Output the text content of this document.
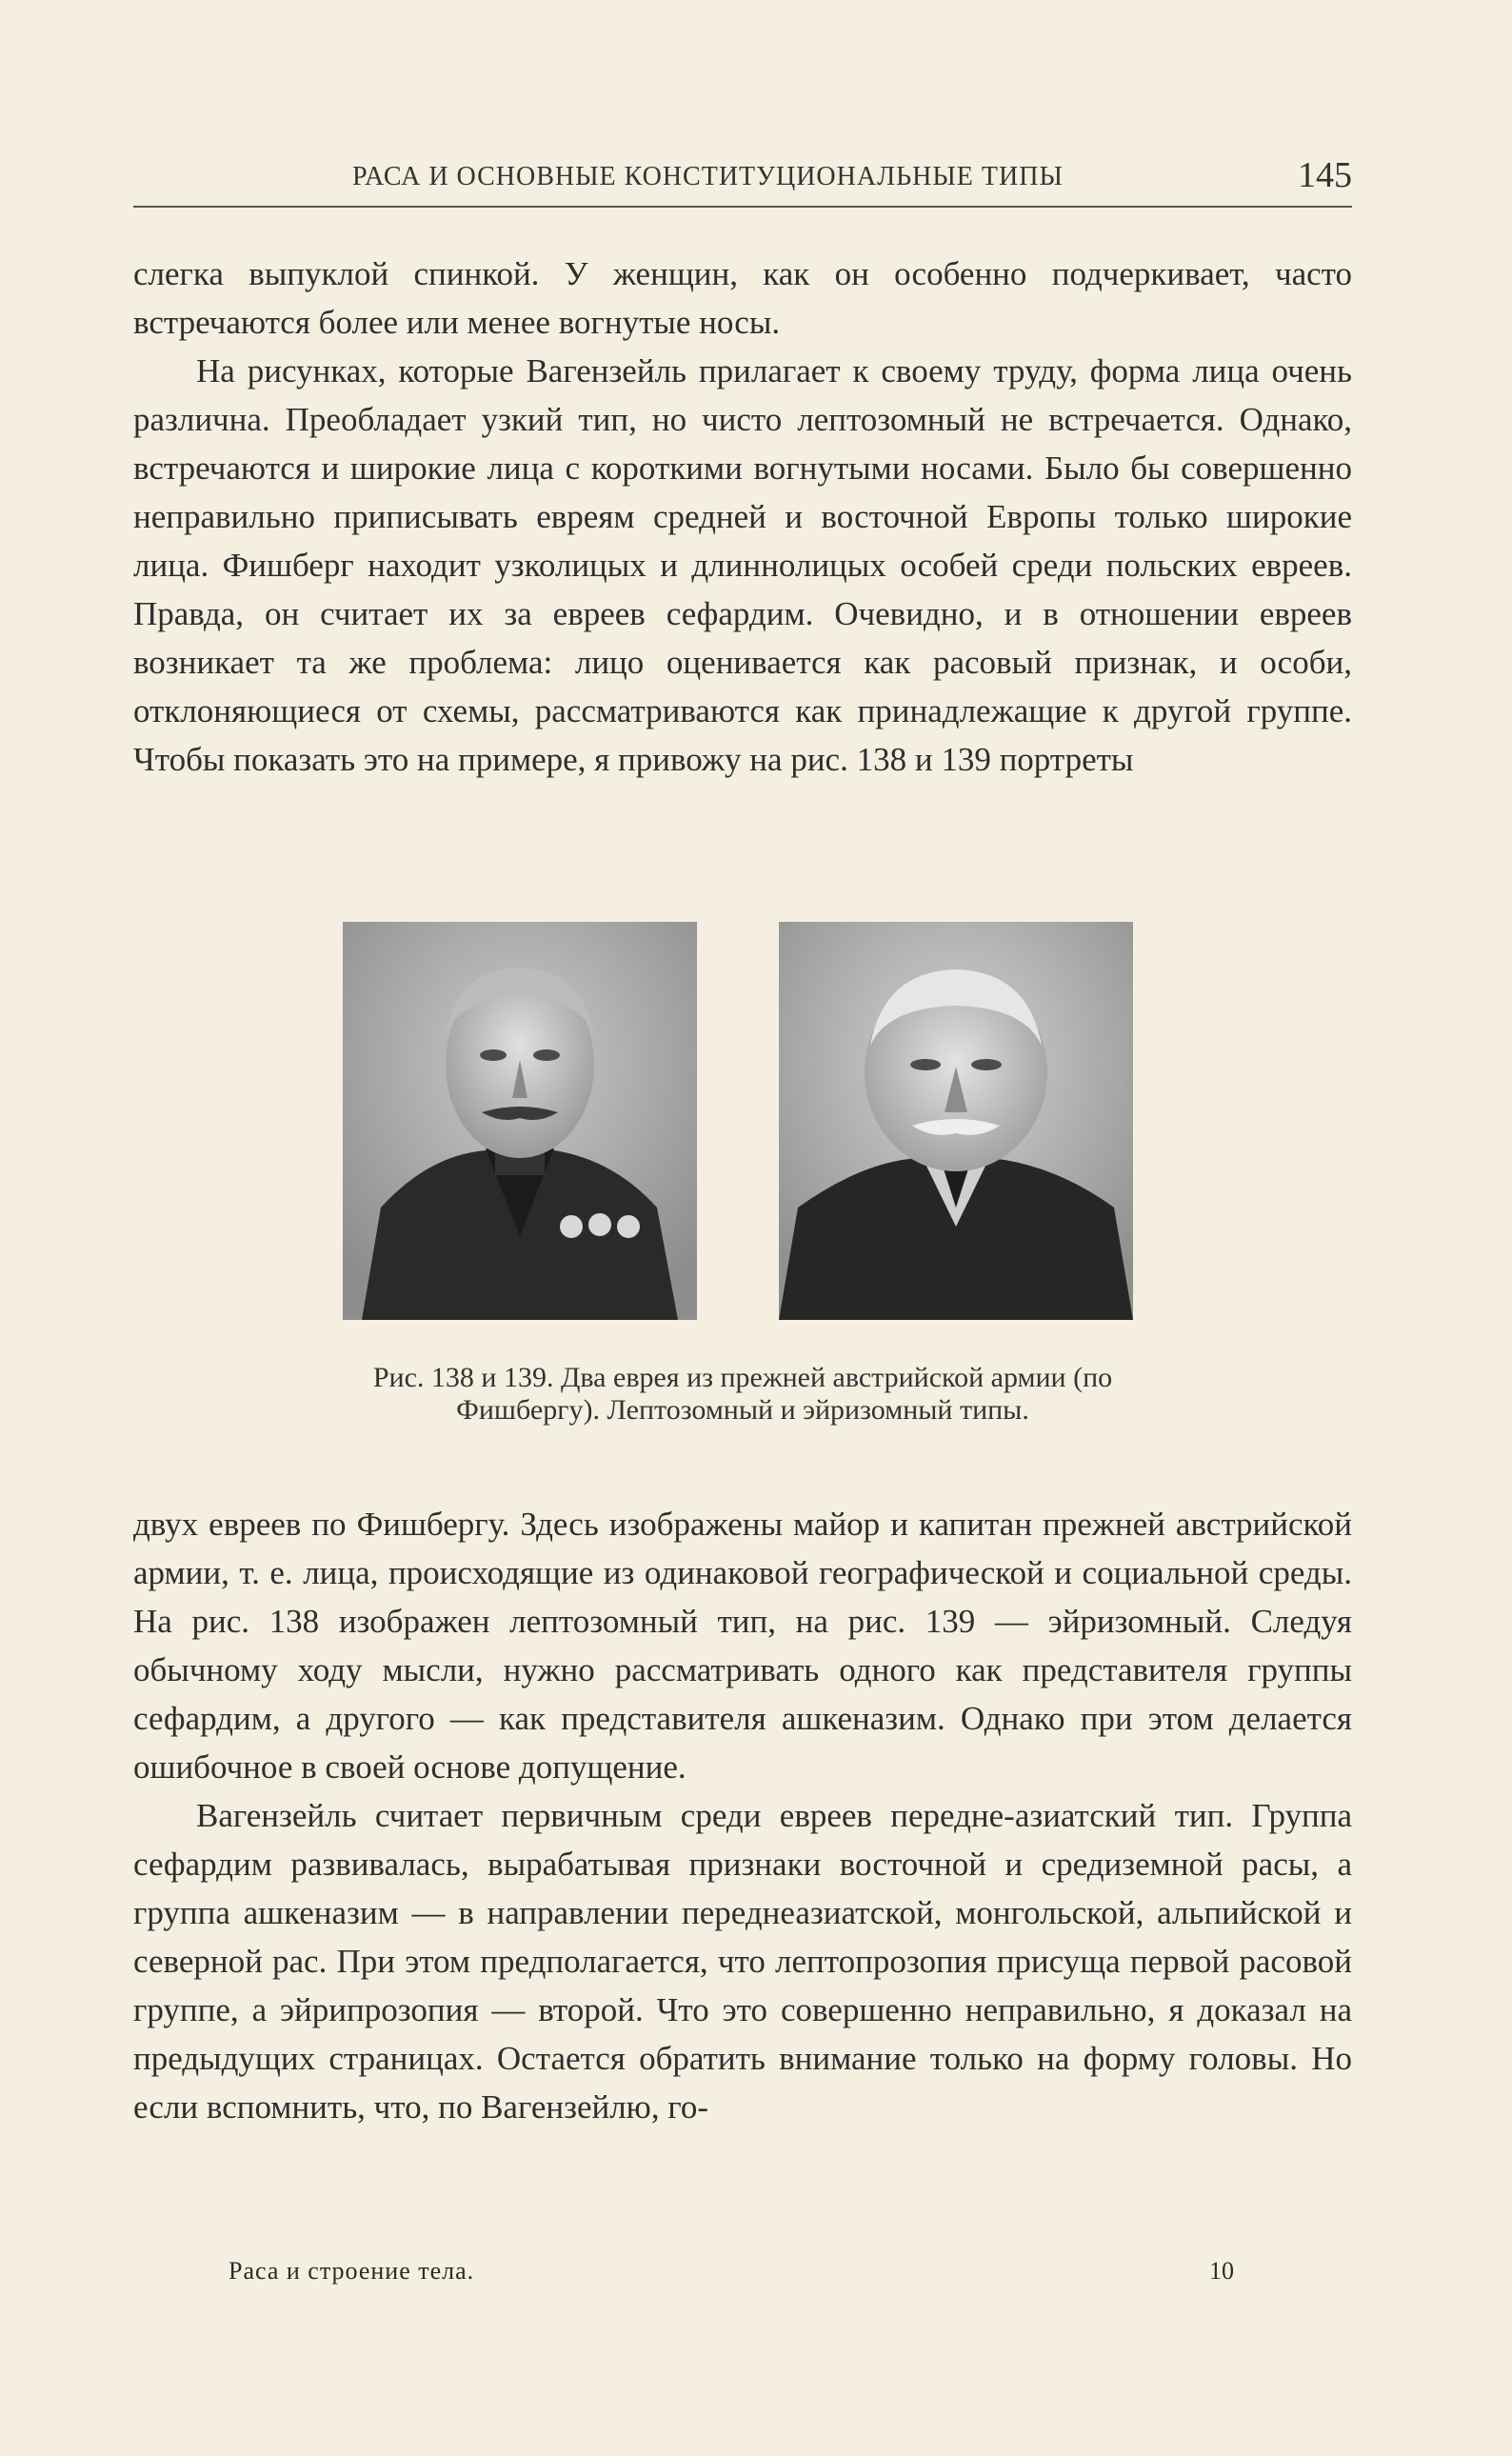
РАСА И ОСНОВНЫЕ КОНСТИТУЦИОНАЛЬНЫЕ ТИПЫ	145

слегка выпуклой спинкой. У женщин, как он особенно подчеркивает, часто встречаются более или менее вогнутые носы.

На рисунках, которые Вагензейль прилагает к своему труду, форма лица очень различна. Преобладает узкий тип, но чисто лептозомный не встречается. Однако, встречаются и широкие лица с короткими вогнутыми носами. Было бы совершенно неправильно приписывать евреям средней и восточной Европы только широкие лица. Фишберг находит узколицых и длиннолицых особей среди польских евреев. Правда, он считает их за евреев сефардим. Очевидно, и в отношении евреев возникает та же проблема: лицо оценивается как расовый признак, и особи, отклоняющиеся от схемы, рассматриваются как принадлежащие к другой группе. Чтобы показать это на примере, я привожу на рис. 138 и 139 портреты

Рис. 138 и 139. Два еврея из прежней австрийской армии (по Фишбергу). Лептозомный и эйризомный типы.

двух евреев по Фишбергу. Здесь изображены майор и капитан прежней австрийской армии, т. е. лица, происходящие из одинаковой географической и социальной среды. На рис. 138 изображен лептозомный тип, на рис. 139 — эйризомный. Следуя обычному ходу мысли, нужно рассматривать одного как представителя группы сефардим, а другого — как представителя ашкеназим. Однако при этом делается ошибочное в своей основе допущение.

Вагензейль считает первичным среди евреев передне-азиатский тип. Группа сефардим развивалась, вырабатывая признаки восточной и средиземной расы, а группа ашкеназим — в направлении переднеазиатской, монгольской, альпийской и северной рас. При этом предполагается, что лептопрозопия присуща первой расовой группе, а эйрипрозопия — второй. Что это совершенно неправильно, я доказал на предыдущих страницах. Остается обратить внимание только на форму головы. Но если вспомнить, что, по Вагензейлю, го-

Раса и строение тела.	10
